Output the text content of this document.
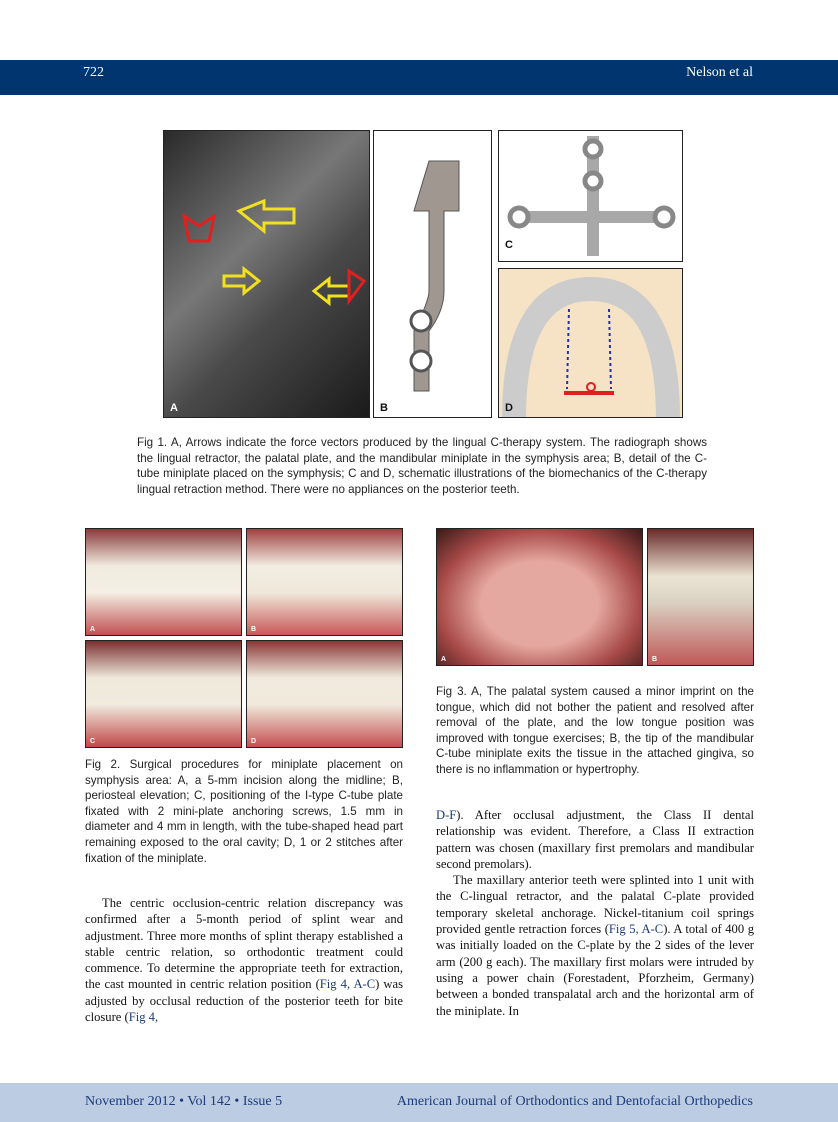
722	Nelson et al
A	B
C
D
Fig 1. A, Arrows indicate the force vectors produced by the lingual C-therapy system. The radiograph shows the lingual retractor, the palatal plate, and the mandibular miniplate in the symphysis area; B, detail of the C-tube miniplate placed on the symphysis; C and D, schematic illustrations of the biomechanics of the C-therapy lingual retraction method. There were no appliances on the posterior teeth.
A	B
C	D
Fig 2. Surgical procedures for miniplate placement on symphysis area: A, a 5-mm incision along the midline; B, periosteal elevation; C, positioning of the I-type C-tube plate fixated with 2 mini-plate anchoring screws, 1.5 mm in diameter and 4 mm in length, with the tube-shaped head part remaining exposed to the oral cavity; D, 1 or 2 stitches after fixation of the miniplate.
A	B
Fig 3. A, The palatal system caused a minor imprint on the tongue, which did not bother the patient and resolved after removal of the plate, and the low tongue position was improved with tongue exercises; B, the tip of the mandibular C-tube miniplate exits the tissue in the attached gingiva, so there is no inflammation or hypertrophy.

The centric occlusion-centric relation discrepancy was confirmed after a 5-month period of splint wear and adjustment. Three more months of splint therapy established a stable centric relation, so orthodontic treatment could commence. To determine the appropriate teeth for extraction, the cast mounted in centric relation position (Fig 4, A-C) was adjusted by occlusal reduction of the posterior teeth for bite closure (Fig 4,

D-F). After occlusal adjustment, the Class II dental relationship was evident. Therefore, a Class II extraction pattern was chosen (maxillary first premolars and mandibular second premolars).

The maxillary anterior teeth were splinted into 1 unit with the C-lingual retractor, and the palatal C-plate provided temporary skeletal anchorage. Nickel-titanium coil springs provided gentle retraction forces (Fig 5, A-C). A total of 400 g was initially loaded on the C-plate by the 2 sides of the lever arm (200 g each). The maxillary first molars were intruded by using a power chain (Forestadent, Pforzheim, Germany) between a bonded transpalatal arch and the horizontal arm of the miniplate. In

November 2012 • Vol 142 • Issue 5	American Journal of Orthodontics and Dentofacial Orthopedics
